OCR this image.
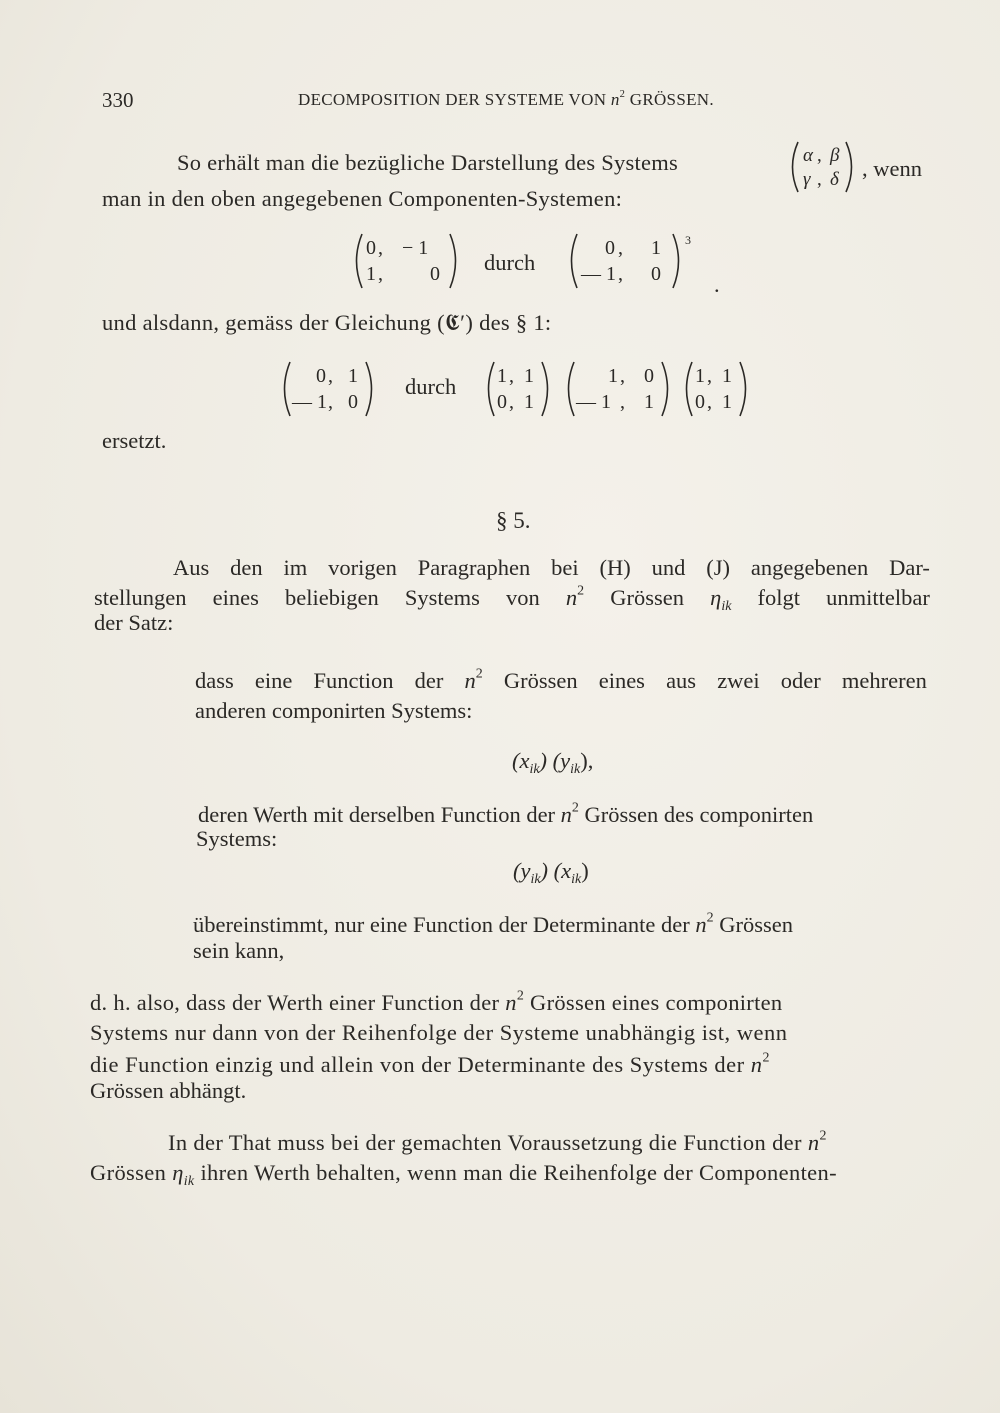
330	DECOMPOSITION DER SYSTEME VON $n^2$ GRÖSSEN.
So erhält man die bezügliche Darstellung des Systems	α , β
γ , δ , wenn
man in den oben angegebenen Componenten-Systemen:
0 , − 1
1 , 0 durch
0 , 1
— 1 , 0
3
.
und alsdann, gemäss der Gleichung (𝕮′) des § 1:
0 , 1
— 1 , 0
durch 1 , 1
0 , 1
1 , 0
— 1 , 1
1 , 1
0 , 1
ersetzt.
§ 5.
Aus den im vorigen Paragraphen bei (H) und (J) angegebenen Dar-
stellungen eines beliebigen Systems von $n^2$ Grössen $\eta_{ik}$ folgt unmittelbar
der Satz:
dass eine Function der $n^2$ Grössen eines aus zwei oder mehreren
anderen componirten Systems:
$(x_{ik})$ $(y_{ik})$,
deren Werth mit derselben Function der $n^2$ Grössen des componirten
Systems:
$(y_{ik})$ $(x_{ik})$
übereinstimmt, nur eine Function der Determinante der $n^2$ Grössen
sein kann,
d. h. also, dass der Werth einer Function der $n^2$ Grössen eines componirten
Systems nur dann von der Reihenfolge der Systeme unabhängig ist, wenn
die Function einzig und allein von der Determinante des Systems der $n^2$
Grössen abhängt.
In der That muss bei der gemachten Voraussetzung die Function der $n^2$
Grössen $\eta_{ik}$ ihren Werth behalten, wenn man die Reihenfolge der Componenten-
